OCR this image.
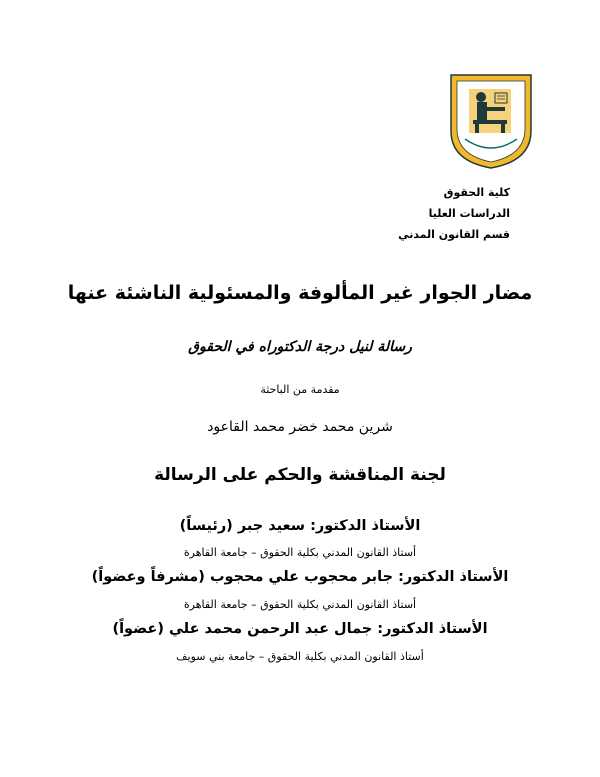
كلية الحقوق
الدراسات العليا
قسم القانون المدني
مضار الجوار غير المألوفة والمسئولية الناشئة عنها
رسالة لنيل درجة الدكتوراه في الحقوق
مقدمة من الباحثة
شرين محمد خضر محمد القاعود
لجنة المناقشة والحكم على الرسالة
الأستاذ الدكتور: سعيد جبر (رئيساً)
أستاذ القانون المدني بكلية الحقوق – جامعة القاهرة
الأستاذ الدكتور: جابر محجوب علي محجوب (مشرفاً وعضواً)
أستاذ القانون المدني بكلية الحقوق – جامعة القاهرة
الأستاذ الدكتور: جمال عبد الرحمن محمد علي (عضواً)
أستاذ القانون المدني بكلية الحقوق – جامعة بني سويف
